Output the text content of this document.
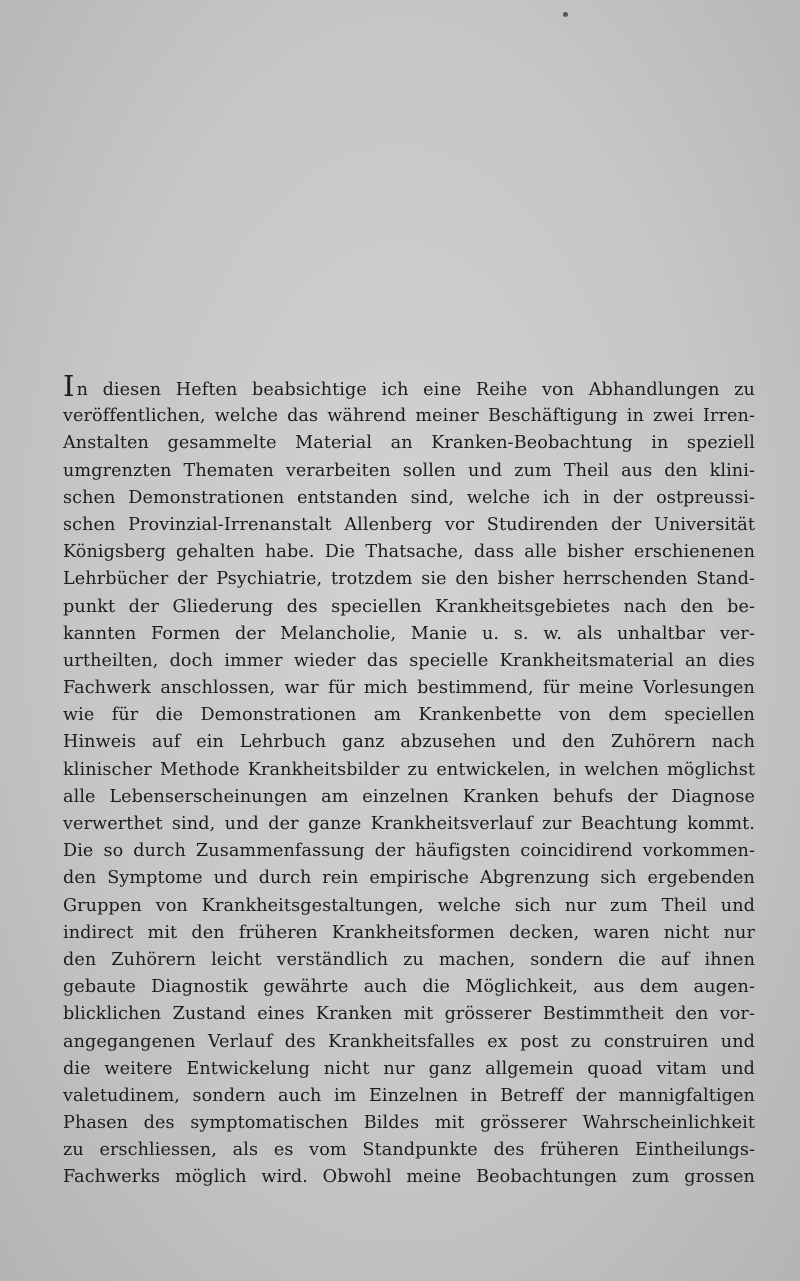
In diesen Heften beabsichtige ich eine Reihe von Abhandlungen zu
veröffentlichen, welche das während meiner Beschäftigung in zwei Irren-
Anstalten gesammelte Material an Kranken-Beobachtung in speziell
umgrenzten Thematen verarbeiten sollen und zum Theil aus den klini-
schen Demonstrationen entstanden sind, welche ich in der ostpreussi-
schen Provinzial-Irrenanstalt Allenberg vor Studirenden der Universität
Königsberg gehalten habe. Die Thatsache, dass alle bisher erschienenen
Lehrbücher der Psychiatrie, trotzdem sie den bisher herrschenden Stand-
punkt der Gliederung des speciellen Krankheitsgebietes nach den be-
kannten Formen der Melancholie, Manie u. s. w. als unhaltbar ver-
urtheilten, doch immer wieder das specielle Krankheitsmaterial an dies
Fachwerk anschlossen, war für mich bestimmend, für meine Vorlesungen
wie für die Demonstrationen am Krankenbette von dem speciellen
Hinweis auf ein Lehrbuch ganz abzusehen und den Zuhörern nach
klinischer Methode Krankheitsbilder zu entwickelen, in welchen möglichst
alle Lebenserscheinungen am einzelnen Kranken behufs der Diagnose
verwerthet sind, und der ganze Krankheitsverlauf zur Beachtung kommt.
Die so durch Zusammenfassung der häufigsten coincidirend vorkommen-
den Symptome und durch rein empirische Abgrenzung sich ergebenden
Gruppen von Krankheitsgestaltungen, welche sich nur zum Theil und
indirect mit den früheren Krankheitsformen decken, waren nicht nur
den Zuhörern leicht verständlich zu machen, sondern die auf ihnen
gebaute Diagnostik gewährte auch die Möglichkeit, aus dem augen-
blicklichen Zustand eines Kranken mit grösserer Bestimmtheit den vor-
angegangenen Verlauf des Krankheitsfalles ex post zu construiren und
die weitere Entwickelung nicht nur ganz allgemein quoad vitam und
valetudinem, sondern auch im Einzelnen in Betreff der mannigfaltigen
Phasen des symptomatischen Bildes mit grösserer Wahrscheinlichkeit
zu erschliessen, als es vom Standpunkte des früheren Eintheilungs-
Fachwerks möglich wird. Obwohl meine Beobachtungen zum grossen
